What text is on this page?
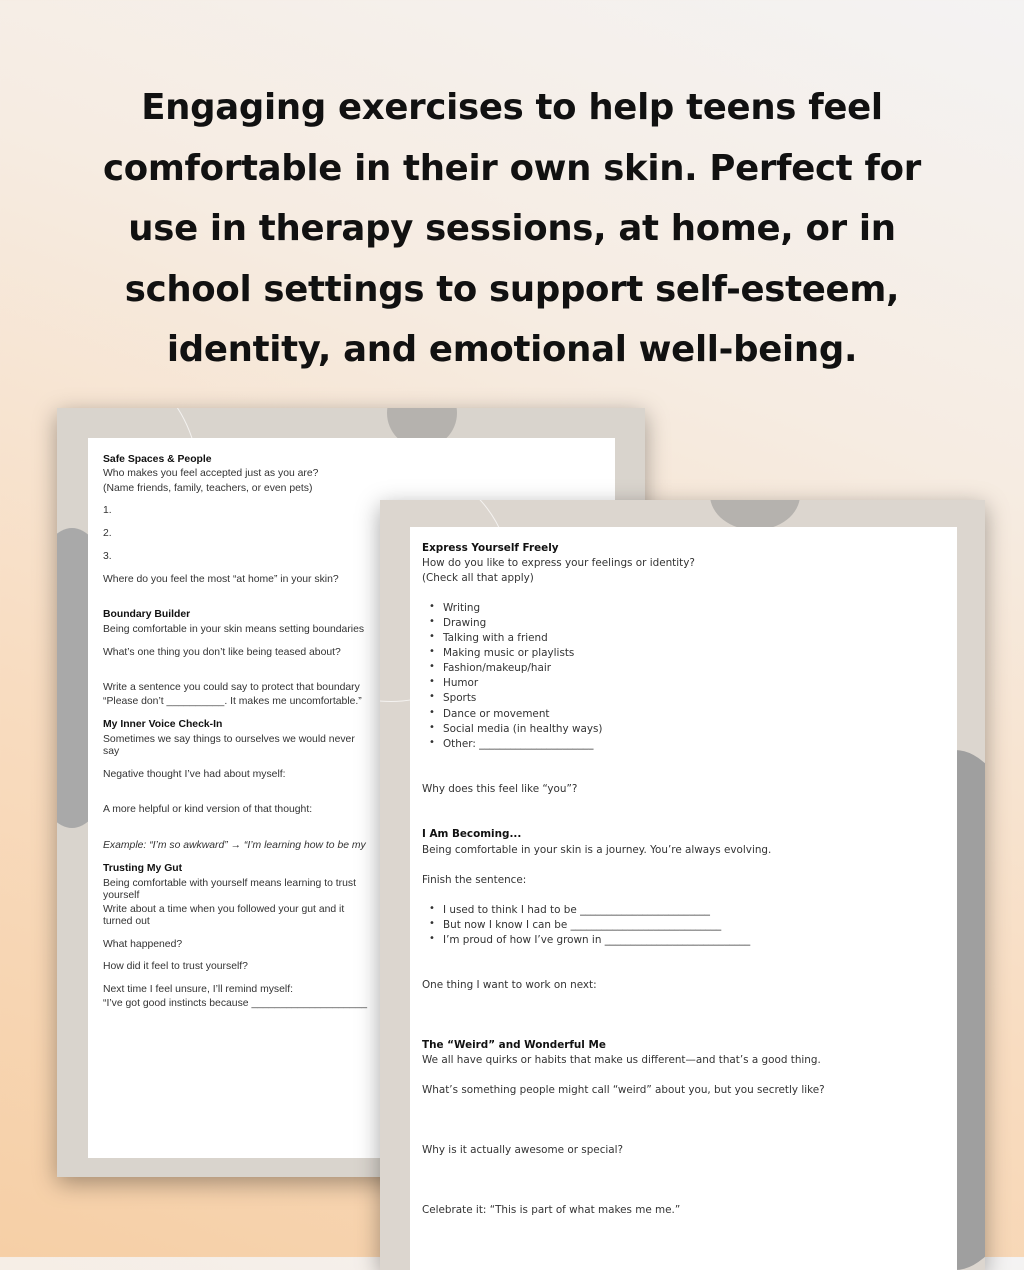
Engaging exercises to help teens feel
comfortable in their own skin. Perfect for
use in therapy sessions, at home, or in
school settings to support self-esteem,
identity, and emotional well-being.
Safe Spaces & People
Who makes you feel accepted just as you are?
(Name friends, family, teachers, or even pets)
1.
2.
3.
Where do you feel the most “at home” in your skin?
Boundary Builder
Being comfortable in your skin means setting boundaries
What’s one thing you don’t like being teased about?
Write a sentence you could say to protect that boundary
“Please don’t __________. It makes me uncomfortable.”
My Inner Voice Check-In
Sometimes we say things to ourselves we would never say
Negative thought I’ve had about myself:
A more helpful or kind version of that thought:
Example: “I’m so awkward” → “I’m learning how to be my
Trusting My Gut
Being comfortable with yourself means learning to trust yourself
Write about a time when you followed your gut and it turned out
What happened?
How did it feel to trust yourself?
Next time I feel unsure, I’ll remind myself:
“I’ve got good instincts because ____________________
Express Yourself Freely
How do you like to express your feelings or identity?
(Check all that apply)
Writing
•
Drawing
•
Talking with a friend
•
Making music or playlists
•
Fashion/makeup/hair
•
Humor
•
Sports
•
Dance or movement
•
Social media (in healthy ways)
•
Other: ______________________
•
Why does this feel like “you”?
I Am Becoming...
Being comfortable in your skin is a journey. You’re always evolving.
Finish the sentence:
I used to think I had to be _________________________
•
But now I know I can be _____________________________
•
I’m proud of how I’ve grown in ____________________________
•
One thing I want to work on next:
The “Weird” and Wonderful Me
We all have quirks or habits that make us different—and that’s a good thing.
What’s something people might call “weird” about you, but you secretly like?
Why is it actually awesome or special?
Celebrate it: “This is part of what makes me me.”
